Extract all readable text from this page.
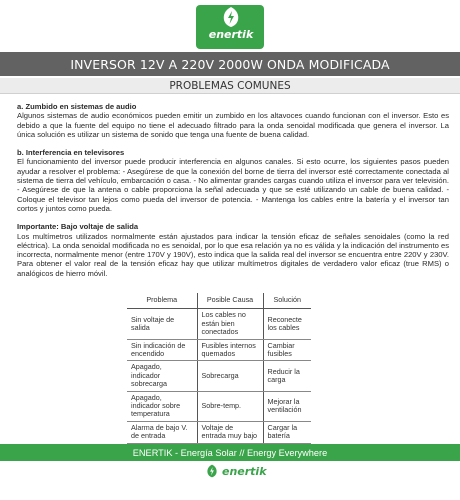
enertik
INVERSOR 12V A 220V 2000W ONDA MODIFICADA
PROBLEMAS COMUNES
a. Zumbido en sistemas de audio

Algunos sistemas de audio económicos pueden emitir un zumbido en los altavoces cuando funcionan con el inversor. Esto es debido a que la fuente del equipo no tiene el adecuado filtrado para la onda senoidal modificada que genera el inversor. La única solución es utilizar un sistema de sonido que tenga una fuente de buena calidad.

b. Interferencia en televisores

El funcionamiento del inversor puede producir interferencia en algunos canales. Si esto ocurre, los siguientes pasos pueden ayudar a resolver el problema: - Asegúrese de que la conexión del borne de tierra del inversor esté correctamente conectada al sistema de tierra del vehículo, embarcación o casa. - No alimentar grandes cargas cuando utiliza el inversor para ver televisión. - Asegúrese de que la antena o cable proporciona la señal adecuada y que se esté utilizando un cable de buena calidad. - Coloque el televisor tan lejos como pueda del inversor de potencia. - Mantenga los cables entre la batería y el inversor tan cortos y juntos como pueda.

Importante: Bajo voltaje de salida

Los multímetros utilizados normalmente están ajustados para indicar la tensión eficaz de señales senoidales (como la red eléctrica). La onda senoidal modificada no es senoidal, por lo que esa relación ya no es válida y la indicación del instrumento es incorrecta, normalmente menor (entre 170V y 190V), esto indica que la salida real del inversor se encuentra entre 220V y 230V. Para obtener el valor real de la tensión eficaz hay que utilizar multímetros digitales de verdadero valor eficaz (true RMS) o analógicos de hierro móvil.

Problema	Posible Causa	Solución
Sin voltaje de salida	Los cables no están bien conectados	Reconecte los cables
Sin indicación de encendido	Fusibles internos quemados	Cambiar fusibles
Apagado, indicador sobrecarga	Sobrecarga	Reducir la carga
Apagado, indicador sobre temperatura	Sobre-temp.	Mejorar la ventilación
Alarma de bajo V. de entrada	Voltaje de entrada muy bajo	Cargar la batería
ENERTIK - Energía Solar // Energy Everywhere
enertik
